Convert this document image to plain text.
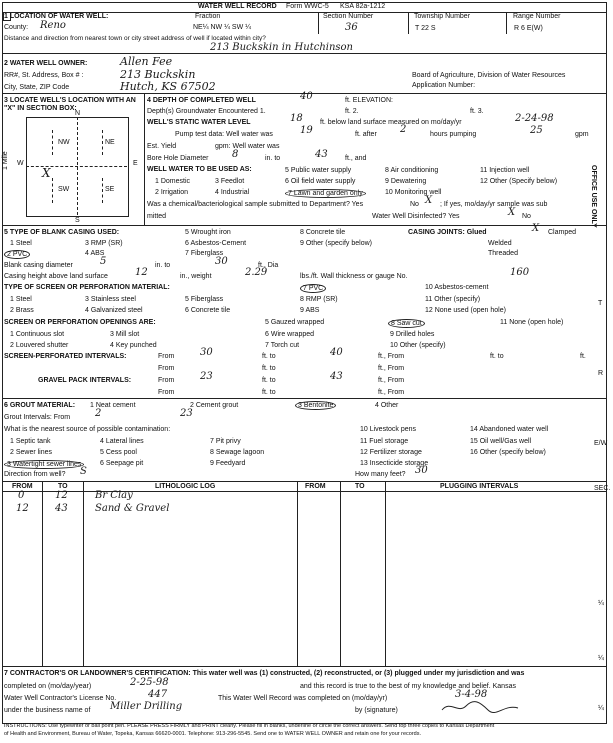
WATER WELL RECORD Form WWC-5 KSA 82a-1212
1 LOCATION OF WATER WELL:
County: Reno
Fraction
NE¼ NW ¼ SW ¼
Section Number
36
Township Number
T 22 S
Range Number
R 6 E(W)
Distance and direction from nearest town or city street address of well if located within city?
213 Buckskin in Hutchinson
2 WATER WELL OWNER:	Allen Fee
RR#, St. Address, Box # :	213 Buckskin
City, State, ZIP Code	Hutch, KS 67502
Board of Agriculture, Division of Water Resources
Application Number:
3 LOCATE WELL'S LOCATION WITH AN "X" IN SECTION BOX:
N
S
E
W
NW	NE
SW	SE
X
1 Mile
4 DEPTH OF COMPLETED WELL	40	ft. ELEVATION:
Depth(s) Groundwater Encountered 1.	ft. 2.	ft. 3.
WELL'S STATIC WATER LEVEL	18 ft. below land surface measured on mo/day/yr	2-24-98
Pump test data: Well water was	19	ft. after 2	hours pumping	25	gpm
Est. Yield	gpm: Well water was
Bore Hole Diameter 8	in. to	43 ft., and
WELL WATER TO BE USED AS:
1 Domestic
2 Irrigation
3 Feedlot
4 Industrial
5 Public water supply
6 Oil field water supply
7 Lawn and garden only
8 Air conditioning
9 Dewatering
10 Monitoring well
11 Injection well
12 Other (Specify below)
Was a chemical/bacteriological sample submitted to Department? Yes	No X ; If yes, mo/day/yr sample was sub
mitted	Water Well Disinfected? Yes	X No
5 TYPE OF BLANK CASING USED:
1 Steel
2 PVC
3 RMP (SR)
4 ABS
5 Wrought iron
6 Asbestos-Cement
7 Fiberglass
8 Concrete tile
9 Other (specify below)
CASING JOINTS: Glued	X Clamped
Welded
Threaded
Blank casing diameter	5	in. to	30	ft., Dia
Casing height above land surface	12	in., weight	2.29	lbs./ft. Wall thickness or gauge No.	160
TYPE OF SCREEN OR PERFORATION MATERIAL:
1 Steel
2 Brass
3 Stainless steel
4 Galvanized steel
5 Fiberglass
6 Concrete tile
7 PVC
8 RMP (SR)
9 ABS
10 Asbestos-cement
11 Other (specify)
12 None used (open hole)
SCREEN OR PERFORATION OPENINGS ARE:
1 Continuous slot
2 Louvered shutter
3 Mill slot
4 Key punched
5 Gauzed wrapped
6 Wire wrapped
7 Torch cut
8 Saw cut
9 Drilled holes
10 Other (specify)
11 None (open hole)
SCREEN-PERFORATED INTERVALS:	From	30	ft. to	40	ft., From	ft. to	ft.
From	ft. to	ft., From
GRAVEL PACK INTERVALS:	From	23	ft. to	43	ft., From
From	ft. to	ft., From
6 GROUT MATERIAL: 1 Neat cement	2 Cement grout	3 Bentonite	4 Other
Grout Intervals: From 2	23
What is the nearest source of possible contamination:
1 Septic tank
2 Sewer lines
3 Watertight sewer lines
4 Lateral lines
5 Cess pool
6 Seepage pit
7 Pit privy
8 Sewage lagoon
9 Feedyard
10 Livestock pens
11 Fuel storage
12 Fertilizer storage
13 Insecticide storage
14 Abandoned water well
15 Oil well/Gas well
16 Other (specify below)
Direction from well? S	How many feet? 30
FROM	TO	LITHOLOGIC LOG	FROM	TO	PLUGGING INTERVALS
0	12	Br Clay
12	43	Sand & Gravel
7 CONTRACTOR'S OR LANDOWNER'S CERTIFICATION: This water well was (1) constructed, (2) reconstructed, or (3) plugged under my jurisdiction and was
completed on (mo/day/year)	2-25-98	and this record is true to the best of my knowledge and belief. Kansas
Water Well Contractor's License No.	447	This Water Well Record was completed on (mo/day/yr)	3-4-98
under the business name of Miller Drilling	by (signature)
INSTRUCTIONS: Use typewriter or ball point pen. PLEASE PRESS FIRMLY and PRINT clearly. Please fill in blanks, underline or circle the correct answers. Send top three copies to Kansas Department
of Health and Environment, Bureau of Water, Topeka, Kansas 66620-0001. Telephone: 913-296-5545. Send one to WATER WELL OWNER and retain one for your records.
OFFICE USE ONLY
T
R
E/W
SEC.
¼
¼
¼
